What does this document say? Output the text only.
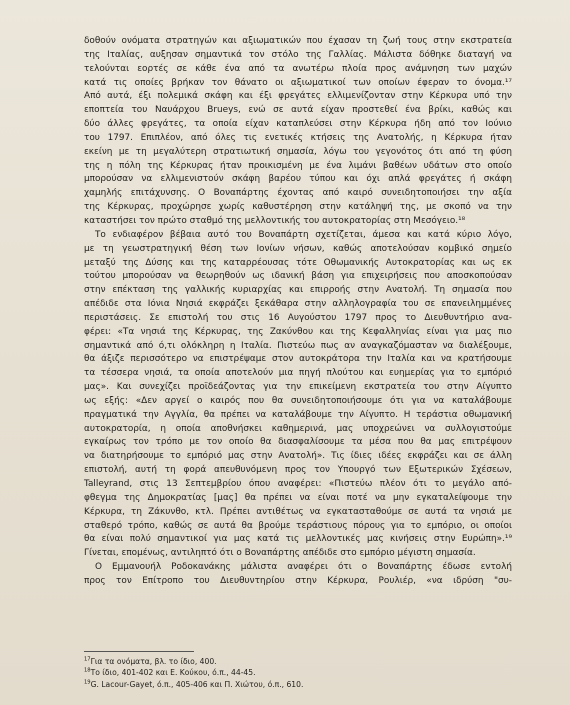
δοθούν ονόματα στρατηγών και αξιωματικών που έχασαν τη ζωή τους στην εκστρατεία
της Ιταλίας, αυξησαν σημαντικά τον στόλο της Γαλλίας. Μάλιστα δόθηκε διαταγή να
τελούνται εορτές σε κάθε ένα από τα ανωτέρω πλοία προς ανάμνηση των μαχών
κατά τις οποίες βρήκαν τον θάνατο οι αξιωματικοί των οποίων έφεραν το όνομα.¹⁷
Από αυτά, έξι πολεμικά σκάφη και έξι φρεγάτες ελλιμενίζονταν στην Κέρκυρα υπό την
εποπτεία του Ναυάρχου Brueys, ενώ σε αυτά είχαν προστεθεί ένα βρίκι, καθώς και
δύο άλλες φρεγάτες, τα οποία είχαν καταπλεύσει στην Κέρκυρα ήδη από τον Ιούνιο
του 1797. Επιπλέον, από όλες τις ενετικές κτήσεις της Ανατολής, η Κέρκυρα ήταν
εκείνη με τη μεγαλύτερη στρατιωτική σημασία, λόγω του γεγονότος ότι από τη φύση
της η πόλη της Κέρκυρας ήταν προικισμένη με ένα λιμάνι βαθέων υδάτων στο οποίο
μπορούσαν να ελλιμενιστούν σκάφη βαρέου τύπου και όχι απλά φρεγάτες ή σκάφη
χαμηλής επιτάχυνσης. Ο Βοναπάρτης έχοντας από καιρό συνειδητοποιήσει την αξία
της Κέρκυρας, προχώρησε χωρίς καθυστέρηση στην κατάληψή της, με σκοπό να την
καταστήσει τον πρώτο σταθμό της μελλοντικής του αυτοκρατορίας στη Μεσόγειο.¹⁸
Το ενδιαφέρον βέβαια αυτό του Βοναπάρτη σχετίζεται, άμεσα και κατά κύριο λόγο,
με τη γεωστρατηγική θέση των Ιονίων νήσων, καθώς αποτελούσαν κομβικό σημείο
μεταξύ της Δύσης και της καταρρέουσας τότε Οθωμανικής Αυτοκρατορίας και ως εκ
τούτου μπορούσαν να θεωρηθούν ως ιδανική βάση για επιχειρήσεις που αποσκοπούσαν
στην επέκταση της γαλλικής κυριαρχίας και επιρροής στην Ανατολή. Τη σημασία που
απέδιδε στα Ιόνια Νησιά εκφράζει ξεκάθαρα στην αλληλογραφία του σε επανειλημμένες
περιστάσεις. Σε επιστολή του στις 16 Αυγούστου 1797 προς το Διευθυντήριο ανα-
φέρει: «Τα νησιά της Κέρκυρας, της Ζακύνθου και της Κεφαλληνίας είναι για μας πιο
σημαντικά από ό,τι ολόκληρη η Ιταλία. Πιστεύω πως αν αναγκαζόμασταν να διαλέξουμε,
θα άξιζε περισσότερο να επιστρέψαμε στον αυτοκράτορα την Ιταλία και να κρατήσουμε
τα τέσσερα νησιά, τα οποία αποτελούν μια πηγή πλούτου και ευημερίας για το εμπόριό
μας». Και συνεχίζει προϊδεάζοντας για την επικείμενη εκστρατεία του στην Αίγυπτο
ως εξής: «Δεν αργεί ο καιρός που θα συνειδητοποιήσουμε ότι για να καταλάβουμε
πραγματικά την Αγγλία, θα πρέπει να καταλάβουμε την Αίγυπτο. Η τεράστια οθωμανική
αυτοκρατορία, η οποία αποθνήσκει καθημερινά, μας υποχρεώνει να συλλογιστούμε
εγκαίρως τον τρόπο με τον οποίο θα διασφαλίσουμε τα μέσα που θα μας επιτρέψουν
να διατηρήσουμε το εμπόριό μας στην Ανατολή». Τις ίδιες ιδέες εκφράζει και σε άλλη
επιστολή, αυτή τη φορά απευθυνόμενη προς τον Υπουργό των Εξωτερικών Σχέσεων,
Talleyrand, στις 13 Σεπτεμβρίου όπου αναφέρει: «Πιστεύω πλέον ότι το μεγάλο από-
φθεγμα της Δημοκρατίας [μας] θα πρέπει να είναι ποτέ να μην εγκαταλείψουμε την
Κέρκυρα, τη Ζάκυνθο, κτλ. Πρέπει αντιθέτως να εγκατασταθούμε σε αυτά τα νησιά με
σταθερό τρόπο, καθώς σε αυτά θα βρούμε τεράστιους πόρους για το εμπόριο, οι οποίοι
θα είναι πολύ σημαντικοί για μας κατά τις μελλοντικές μας κινήσεις στην Ευρώπη».¹⁹
Γίνεται, επομένως, αντιληπτό ότι ο Βοναπάρτης απέδιδε στο εμπόριο μέγιστη σημασία.
Ο Εμμανουήλ Ροδοκανάκης μάλιστα αναφέρει ότι ο Βοναπάρτης έδωσε εντολή
προς τον Επίτροπο του Διευθυντηρίου στην Κέρκυρα, Ρουλιέρ, «να ιδρύση "συ-
$^{17}$Για τα ονόματα, βλ. το ίδιο, 400.
$^{18}$Το ίδιο, 401-402 και Ε. Κούκου, ό.π., 44-45.
$^{19}$G. Lacour-Gayet, ό.π., 405-406 και Π. Χιώτου, ό.π., 610.
